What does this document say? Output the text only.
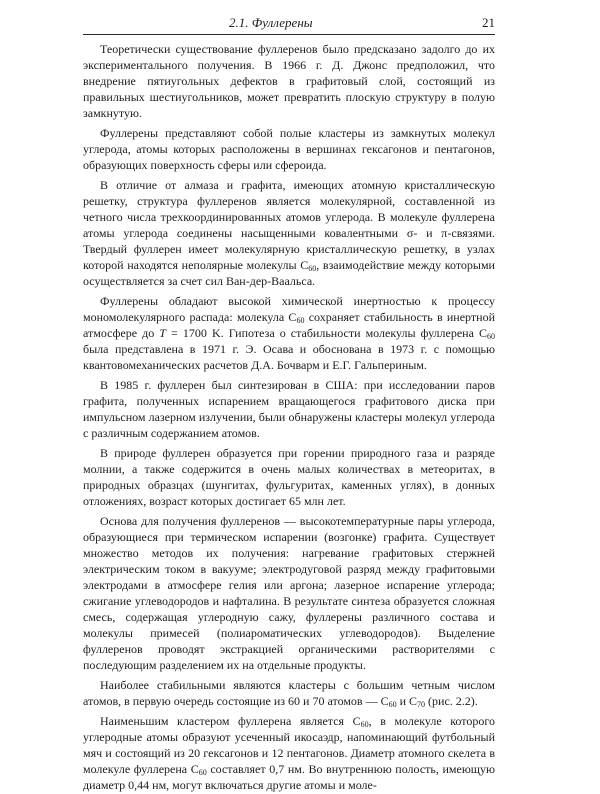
2.1. Фуллерены	21

Теоретически существование фуллеренов было предсказано задолго до их экспериментального получения. В 1966 г. Д. Джонс предположил, что внедрение пятиугольных дефектов в графитовый слой, состоящий из правильных шестиугольников, может превратить плоскую структуру в полую замкнутую.

Фуллерены представляют собой полые кластеры из замкнутых молекул углерода, атомы которых расположены в вершинах гексагонов и пентагонов, образующих поверхность сферы или сфероида.

В отличие от алмаза и графита, имеющих атомную кристаллическую решетку, структура фуллеренов является молекулярной, составленной из четного числа трехкоординированных атомов углерода. В молекуле фуллерена атомы углерода соединены насыщенными ковалентными σ- и π-связями. Твердый фуллерен имеет молекулярную кристаллическую решетку, в узлах которой находятся неполярные молекулы $C_{60}$, взаимодействие между которыми осуществляется за счет сил Ван-дер-Ваальса.

Фуллерены обладают высокой химической инертностью к процессу мономолекулярного распада: молекула $C_{60}$ сохраняет стабильность в инертной атмосфере до T = 1700 K. Гипотеза о стабильности молекулы фуллерена $C_{60}$ была представлена в 1971 г. Э. Осава и обоснована в 1973 г. с помощью квантовомеханических расчетов Д.А. Бочварм и Е.Г. Гальпериным.

В 1985 г. фуллерен был синтезирован в США: при исследовании паров графита, полученных испарением вращающегося графитового диска при импульсном лазерном излучении, были обнаружены кластеры молекул углерода с различным содержанием атомов.

В природе фуллерен образуется при горении природного газа и разряде молнии, а также содержится в очень малых количествах в метеоритах, в природных образцах (шунгитах, фульгуритах, каменных углях), в донных отложениях, возраст которых достигает 65 млн лет.

Основа для получения фуллеренов — высокотемпературные пары углерода, образующиеся при термическом испарении (возгонке) графита. Существует множество методов их получения: нагревание графитовых стержней электрическим током в вакууме; электродуговой разряд между графитовыми электродами в атмосфере гелия или аргона; лазерное испарение углерода; сжигание углеводородов и нафталина. В результате синтеза образуется сложная смесь, содержащая углеродную сажу, фуллерены различного состава и молекулы примесей (полиароматических углеводородов). Выделение фуллеренов проводят экстракцией органическими растворителями с последующим разделением их на отдельные продукты.

Наиболее стабильными являются кластеры с большим четным числом атомов, в первую очередь состоящие из 60 и 70 атомов — $C_{60}$ и $C_{70}$ (рис. 2.2).

Наименьшим кластером фуллерена является $C_{60}$, в молекуле которого углеродные атомы образуют усеченный икосаэдр, напоминающий футбольный мяч и состоящий из 20 гексагонов и 12 пентагонов. Диаметр атомного скелета в молекуле фуллерена $C_{60}$ составляет 0,7 нм. Во внутреннюю полость, имеющую диаметр 0,44 нм, могут включаться другие атомы и моле-
